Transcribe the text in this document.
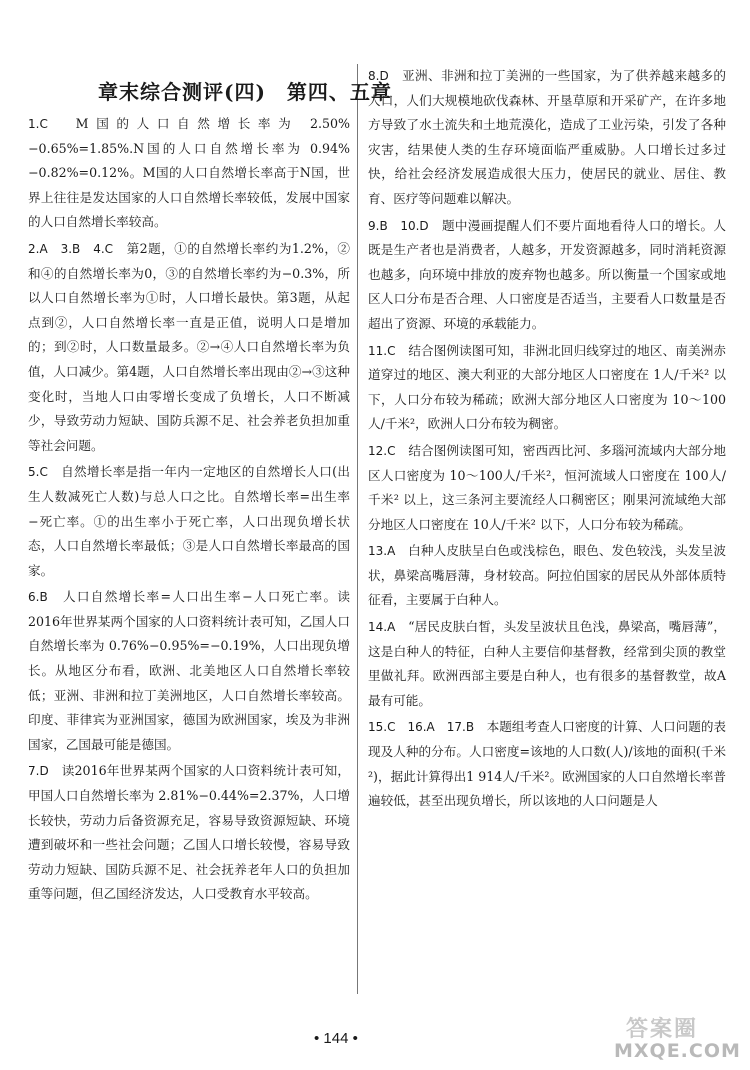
章末综合测评(四)　第四、五章

1.C　 M国的人口自然增长率为 2.50%−0.65%=1.85%.N国的人口自然增长率为 0.94%−0.82%=0.12%。M国的人口自然增长率高于N国，世界上往往是发达国家的人口自然增长率较低，发展中国家的人口自然增长率较高。

2.A　3.B　4.C　 第2题，①的自然增长率约为1.2%，②和④的自然增长率为0，③的自然增长率约为−0.3%，所以人口自然增长率为①时，人口增长最快。第3题，从起点到②，人口自然增长率一直是正值，说明人口是增加的；到②时，人口数量最多。②→④人口自然增长率为负值，人口减少。第4题，人口自然增长率出现由②→③这种变化时，当地人口由零增长变成了负增长，人口不断减少，导致劳动力短缺、国防兵源不足、社会养老负担加重等社会问题。

5.C　 自然增长率是指一年内一定地区的自然增长人口(出生人数减死亡人数)与总人口之比。自然增长率=出生率−死亡率。①的出生率小于死亡率，人口出现负增长状态，人口自然增长率最低；③是人口自然增长率最高的国家。

6.B　 人口自然增长率=人口出生率−人口死亡率。读2016年世界某两个国家的人口资料统计表可知，乙国人口自然增长率为 0.76%−0.95%=−0.19%，人口出现负增长。从地区分布看，欧洲、北美地区人口自然增长率较低；亚洲、非洲和拉丁美洲地区，人口自然增长率较高。印度、菲律宾为亚洲国家，德国为欧洲国家，埃及为非洲国家，乙国最可能是德国。

7.D　 读2016年世界某两个国家的人口资料统计表可知，甲国人口自然增长率为 2.81%−0.44%=2.37%，人口增长较快，劳动力后备资源充足，容易导致资源短缺、环境遭到破坏和一些社会问题；乙国人口增长较慢，容易导致劳动力短缺、国防兵源不足、社会抚养老年人口的负担加重等问题，但乙国经济发达，人口受教育水平较高。

8.D　 亚洲、非洲和拉丁美洲的一些国家，为了供养越来越多的人口，人们大规模地砍伐森林、开垦草原和开采矿产，在许多地方导致了水土流失和土地荒漠化，造成了工业污染，引发了各种灾害，结果使人类的生存环境面临严重威胁。人口增长过多过快，给社会经济发展造成很大压力，使居民的就业、居住、教育、医疗等问题难以解决。

9.B　10.D　 题中漫画提醒人们不要片面地看待人口的增长。人既是生产者也是消费者，人越多，开发资源越多，同时消耗资源也越多，向环境中排放的废弃物也越多。所以衡量一个国家或地区人口分布是否合理、人口密度是否适当，主要看人口数量是否超出了资源、环境的承载能力。

11.C　 结合图例读图可知，非洲北回归线穿过的地区、南美洲赤道穿过的地区、澳大利亚的大部分地区人口密度在 1人/千米² 以下，人口分布较为稀疏；欧洲大部分地区人口密度为 10～100人/千米²，欧洲人口分布较为稠密。

12.C　 结合图例读图可知，密西西比河、多瑙河流域内大部分地区人口密度为 10～100人/千米²，恒河流域人口密度在 100人/千米² 以上，这三条河主要流经人口稠密区；刚果河流域绝大部分地区人口密度在 10人/千米² 以下，人口分布较为稀疏。

13.A　 白种人皮肤呈白色或浅棕色，眼色、发色较浅，头发呈波状，鼻梁高嘴唇薄，身材较高。阿拉伯国家的居民从外部体质特征看，主要属于白种人。

14.A　 “居民皮肤白皙，头发呈波状且色浅，鼻梁高，嘴唇薄”，这是白种人的特征，白种人主要信仰基督教，经常到尖顶的教堂里做礼拜。欧洲西部主要是白种人，也有很多的基督教堂，故A最有可能。

15.C　16.A　17.B　 本题组考查人口密度的计算、人口问题的表现及人种的分布。人口密度=该地的人口数(人)/该地的面积(千米²)，据此计算得出1 914人/千米²。欧洲国家的人口自然增长率普遍较低，甚至出现负增长，所以该地的人口问题是人

• 144 •	答案圈
MXQE.COM
